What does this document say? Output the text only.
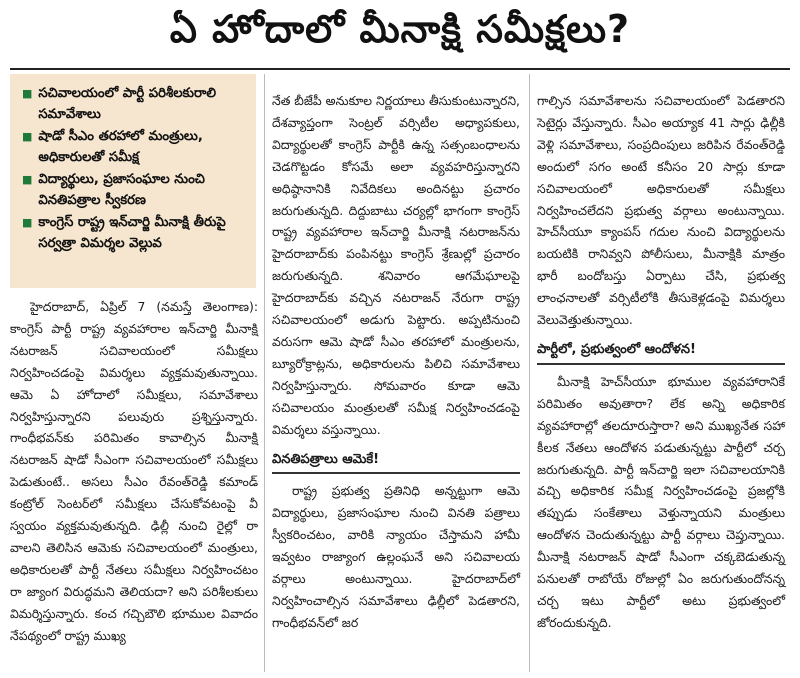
ఏ హోదాలో మీనాక్షి సమీక్షలు?
■ సచివాలయంలో పార్టీ పరిశీలకురాలి సమావేశాలు
■ షాడో సీఎం తరహాలో మంత్రులు, అధికారులతో సమీక్ష
■ విద్యార్థులు, ప్రజాసంఘాల నుంచి వినతిపత్రాల స్వీకరణ
■ కాంగ్రెస్ రాష్ట్ర ఇన్‌చార్జి మీనాక్షి తీరుపై సర్వత్రా విమర్శల వెల్లువ

హైదరాబాద్, ఏప్రిల్ 7 (నమస్తే తెలంగాణ): కాంగ్రెస్ పార్టీ రాష్ట్ర వ్యవహారాల ఇన్‌చార్జి మీనాక్షి నటరాజన్ సచివాలయంలో సమీక్షలు నిర్వహించడంపై విమర్శలు వ్యక్తమవుతున్నాయి. ఆమె ఏ హోదాలో సమీక్షలు, సమావేశాలు నిర్వహిస్తున్నారని పలువురు ప్రశ్నిస్తున్నారు. గాంధీభవన్‌కు పరిమితం కావాల్సిన మీనాక్షి నటరాజన్ షాడో సీఎంగా సచివాలయంలో సమీక్షలు పెడుతుంటే.. అసలు సీఎం రేవంత్‌రెడ్డి కమాండ్ కంట్రోల్ సెంటర్‌లో సమీక్షలు చేసుకోవటంపై వీ స్వయం వ్యక్తమవుతున్నది. ఢిల్లీ నుంచి రైల్లో రా వాలని తెలిసిన ఆమెకు సచివాలయంలో మంత్రులు, అధికారులతో పార్టీ నేతలు సమీక్షలు నిర్వహించటం రా జ్యాంగ విరుద్ధమని తెలియదా? అని పరిశీలకులు విమర్శిస్తున్నారు. కంచ గచ్చిబౌలి భూముల వివాదం నేపథ్యంలో రాష్ట్ర ముఖ్య

నేత బీజేపీ అనుకూల నిర్ణయాలు తీసుకుంటున్నారని, దేశవ్యాప్తంగా సెంట్రల్ వర్సిటీల అధ్యాపకులు, విద్యార్థులతో కాంగ్రెస్ పార్టీకి ఉన్న సత్సంబంధాలను చెడగొట్టడం కోసమే అలా వ్యవహరిస్తున్నారని అధిష్ఠానానికి నివేదికలు అందినట్టు ప్రచారం జరుగుతున్నది. దిద్దుబాటు చర్యల్లో భాగంగా కాంగ్రెస్ రాష్ట్ర వ్యవహారాల ఇన్‌చార్జి మీనాక్షి నటరాజన్‌ను హైదరాబాద్‌కు పంపినట్టు కాంగ్రెస్ శ్రేణుల్లో ప్రచారం జరుగుతున్నది. శనివారం ఆగమేఘాలపై హైదరాబాద్‌కు వచ్చిన నటరాజన్ నేరుగా రాష్ట్ర సచివాలయంలో అడుగు పెట్టారు. అప్పటినుంచి వరుసగా ఆమె షాడో సీఎం తరహాలో మంత్రులను, బ్యూరోక్రాట్లను, అధికారులను పిలిచి సమావేశాలు నిర్వహిస్తున్నారు. సోమవారం కూడా ఆమె సచివాలయం మంత్రులతో సమీక్ష నిర్వహించడంపై విమర్శలు వస్తున్నాయి.

వినతిపత్రాలు ఆమెకే!

రాష్ట్ర ప్రభుత్వ ప్రతినిధి అన్నట్టుగా ఆమె విద్యార్థులు, ప్రజాసంఘాల నుంచి వినతి పత్రాలు స్వీకరించటం, వారికి న్యాయం చేస్తామని హామీ ఇవ్వటం రాజ్యాంగ ఉల్లంఘనే అని సచివాలయ వర్గాలు అంటున్నాయి. హైదరాబాద్‌లో నిర్వహించాల్సిన సమావేశాలు ఢిల్లీలో పెడతారని, గాంధీభవన్‌లో జర

గాల్సిన సమావేశాలను సచివాలయంలో పెడతారని సెటైర్లు వేస్తున్నారు. సీఎం అయ్యాక 41 సార్లు ఢిల్లీకి వెళ్లి సమావేశాలు, సంప్రదింపులు జరిపిన రేవంత్‌రెడ్డి అందులో సగం అంటే కనీసం 20 సార్లు కూడా సచివాలయంలో అధికారులతో సమీక్షలు నిర్వహించలేదని ప్రభుత్వ వర్గాలు అంటున్నాయి. హెచ్‌సీయూ క్యాంపస్ గదుల నుంచి విద్యార్థులను బయటికి రానివ్వని పోలీసులు, మీనాక్షికి మాత్రం భారీ బందోబస్తు ఏర్పాటు చేసి, ప్రభుత్వ లాంఛనాలతో వర్సిటీలోకి తీసుకెళ్లడంపై విమర్శలు వెలువెత్తుతున్నాయి.

పార్టీలో, ప్రభుత్వంలో ఆందోళన!

మీనాక్షి హెచ్‌సీయూ భూముల వ్యవహారానికే పరిమితం అవుతారా? లేక అన్ని అధికారిక వ్యవహారాల్లో తలదూరుస్తారా? అని ముఖ్యనేత సహా కీలక నేతలు ఆందోళన పడుతున్నట్టు పార్టీలో చర్చ జరుగుతున్నది. పార్టీ ఇన్‌చార్జి ఇలా సచివాలయానికి వచ్చి అధికారిక సమీక్ష నిర్వహించడంపై ప్రజల్లోకి తప్పుడు సంకేతాలు వెళ్తున్నాయని మంత్రులు ఆందోళన చెందుతున్నట్టు పార్టీ వర్గాలు చెప్తున్నాయి. మీనాక్షి నటరాజన్ షాడో సీఎంగా చక్కబెడుతున్న పనులతో రాబోయే రోజుల్లో ఏం జరుగుతుందోనన్న చర్చ ఇటు పార్టీలో అటు ప్రభుత్వంలో జోరందుకున్నది.
